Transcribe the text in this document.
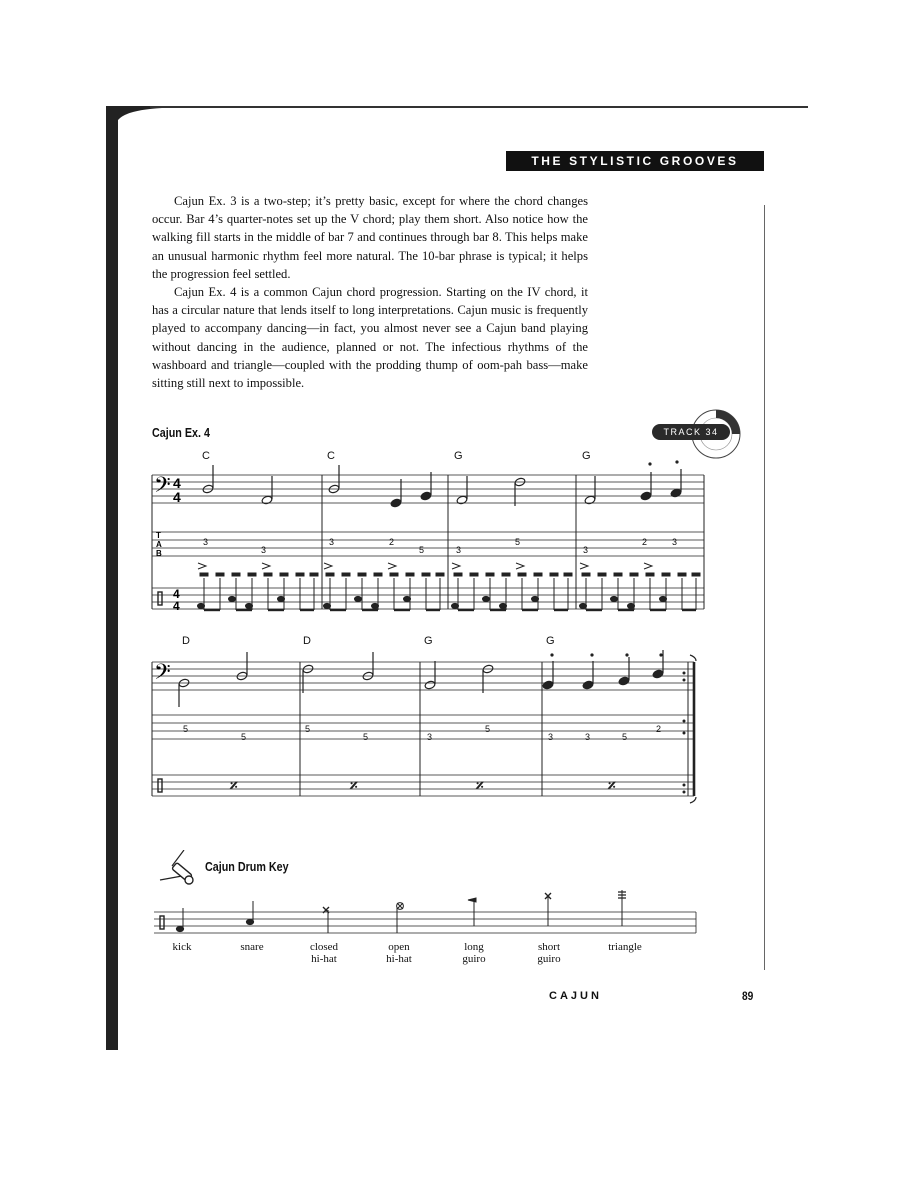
THE STYLISTIC GROOVES

Cajun Ex. 3 is a two-step; it’s pretty basic, except for where the chord changes occur. Bar 4’s quarter-notes set up the V chord; play them short. Also notice how the walking fill starts in the middle of bar 7 and continues through bar 8. This helps make an unusual harmonic rhythm feel more natural. The 10-bar phrase is typical; it helps the progression feel settled.

Cajun Ex. 4 is a common Cajun chord progression. Starting on the IV chord, it has a circular nature that lends itself to long interpretations. Cajun music is frequently played to accompany dancing—in fact, you almost never see a Cajun band playing without dancing in the audience, planned or not. The infectious rhythms of the washboard and triangle—coupled with the prodding thump of oom-pah bass—make sitting still next to impossible.

Cajun Ex. 4	TRACK 34
C	C	G	G
𝄢 4
4
T
A
B
4
4
3
3
3	2
5	3
5
3
2	3
D	D	G	G
𝄢
𝄎	𝄎	𝄎	𝄎
5
5
5
5	3
5
3	3	5
2
Cajun Drum Key
kick	snare	closed
hi-hat
open
hi-hat
long
guiro
short
guiro
triangle
CAJUN	89
